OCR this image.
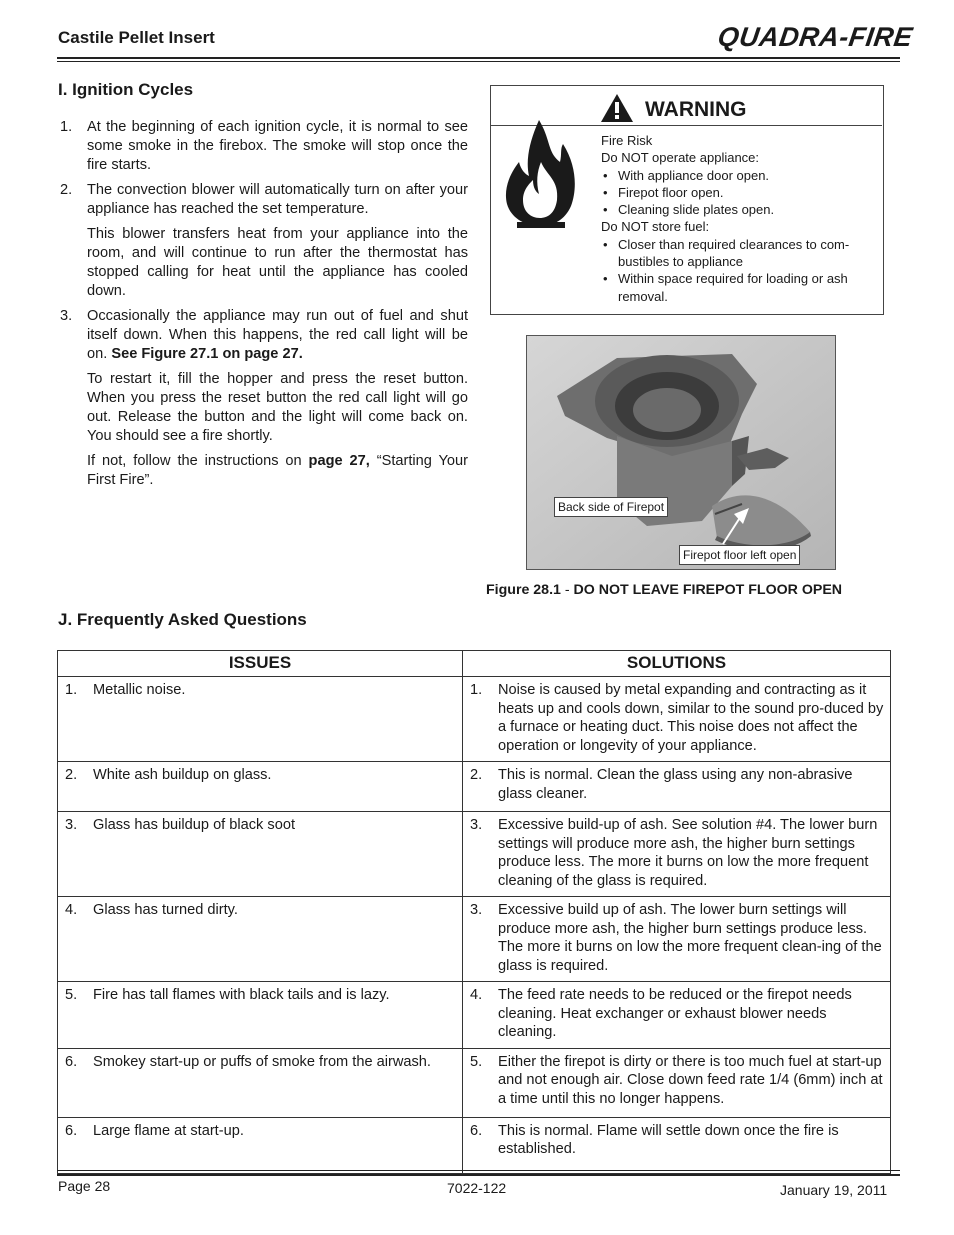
Castile Pellet Insert	QUADRA-FIRE
I. Ignition Cycles
1.	At the beginning of each ignition cycle, it is normal to see some smoke in the firebox. The smoke will stop once the fire starts.

2.	The convection blower will automatically turn on after your appliance has reached the set temperature.

This blower transfers heat from your appliance into the room, and will continue to run after the thermostat has stopped calling for heat until the appliance has cooled down.

3.	Occasionally the appliance may run out of fuel and shut itself down. When this happens, the red call light will be on. See Figure 27.1 on page 27.

To restart it, fill the hopper and press the reset button. When you press the reset button the red call light will go out. Release the button and the light will come back on. You should see a fire shortly.

If not, follow the instructions on page 27, “Starting Your First Fire”.

WARNING
Fire Risk
Do NOT operate appliance:
• With appliance door open.
• Firepot floor open.
• Cleaning slide plates open.
Do NOT store fuel:
• Closer than required clearances to com-bustibles to appliance
• Within space required for loading or ash removal.
Back side of Firepot
Firepot floor left open
Figure 28.1 - DO NOT LEAVE FIREPOT FLOOR OPEN
J. Frequently Asked Questions
ISSUES	SOLUTIONS

1. Metallic noise.	1. Noise is caused by metal expanding and contracting as it heats up and cools down, similar to the sound pro-duced by a furnace or heating duct. This noise does not affect the operation or longevity of your appliance.

2. White ash buildup on glass.	2. This is normal. Clean the glass using any non-abrasive glass cleaner.

3. Glass has buildup of black soot	3. Excessive build-up of ash. See solution #4. The lower burn settings will produce more ash, the higher burn settings produce less. The more it burns on low the more frequent cleaning of the glass is required.

4. Glass has turned dirty.	3. Excessive build up of ash. The lower burn settings will produce more ash, the higher burn settings produce less. The more it burns on low the more frequent clean-ing of the glass is required.

5. Fire has tall flames with black tails and is lazy.	4. The feed rate needs to be reduced or the firepot needs cleaning. Heat exchanger or exhaust blower needs cleaning.

6. Smokey start-up or puffs of smoke from the airwash.	5. Either the firepot is dirty or there is too much fuel at start-up and not enough air. Close down feed rate 1/4 (6mm) inch at a time until this no longer happens.

6. Large flame at start-up.	6. This is normal. Flame will settle down once the fire is established.
Page 28	7022-122	January 19, 2011
